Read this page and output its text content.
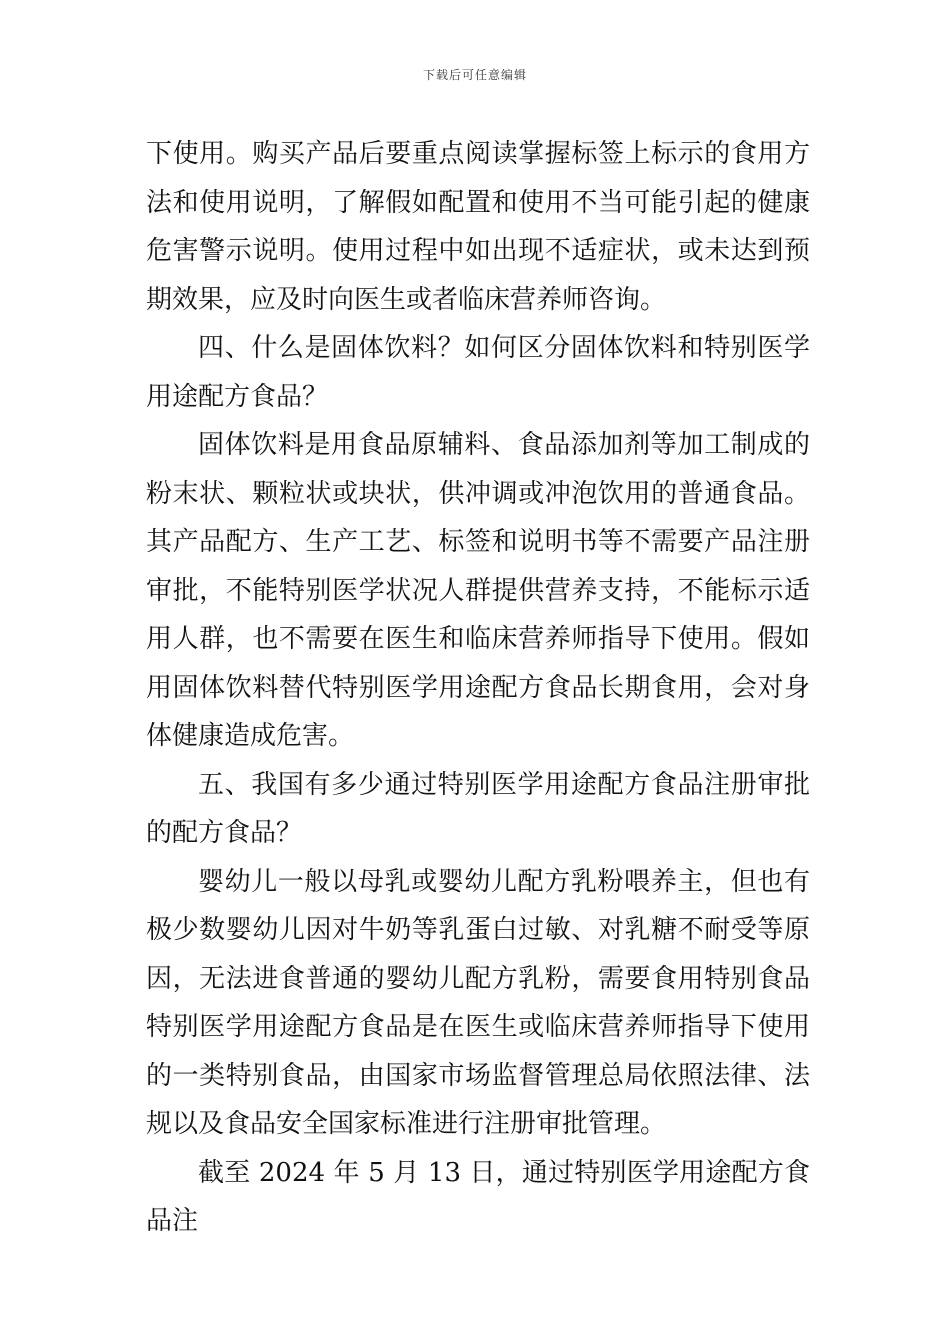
下载后可任意编辑

下使用。购买产品后要重点阅读掌握标签上标示的食用方法和使用说明，了解假如配置和使用不当可能引起的健康危害警示说明。使用过程中如出现不适症状，或未达到预期效果，应及时向医生或者临床营养师咨询。

四、什么是固体饮料？如何区分固体饮料和特别医学用途配方食品？

固体饮料是用食品原辅料、食品添加剂等加工制成的粉末状、颗粒状或块状，供冲调或冲泡饮用的普通食品。其产品配方、生产工艺、标签和说明书等不需要产品注册审批，不能特别医学状况人群提供营养支持，不能标示适用人群，也不需要在医生和临床营养师指导下使用。假如用固体饮料替代特别医学用途配方食品长期食用，会对身体健康造成危害。

五、我国有多少通过特别医学用途配方食品注册审批的配方食品？

婴幼儿一般以母乳或婴幼儿配方乳粉喂养主，但也有极少数婴幼儿因对牛奶等乳蛋白过敏、对乳糖不耐受等原因，无法进食普通的婴幼儿配方乳粉，需要食用特别食品特别医学用途配方食品是在医生或临床营养师指导下使用的一类特别食品，由国家市场监督管理总局依照法律、法规以及食品安全国家标准进行注册审批管理。

截至 2024 年 5 月 13 日，通过特别医学用途配方食品注
